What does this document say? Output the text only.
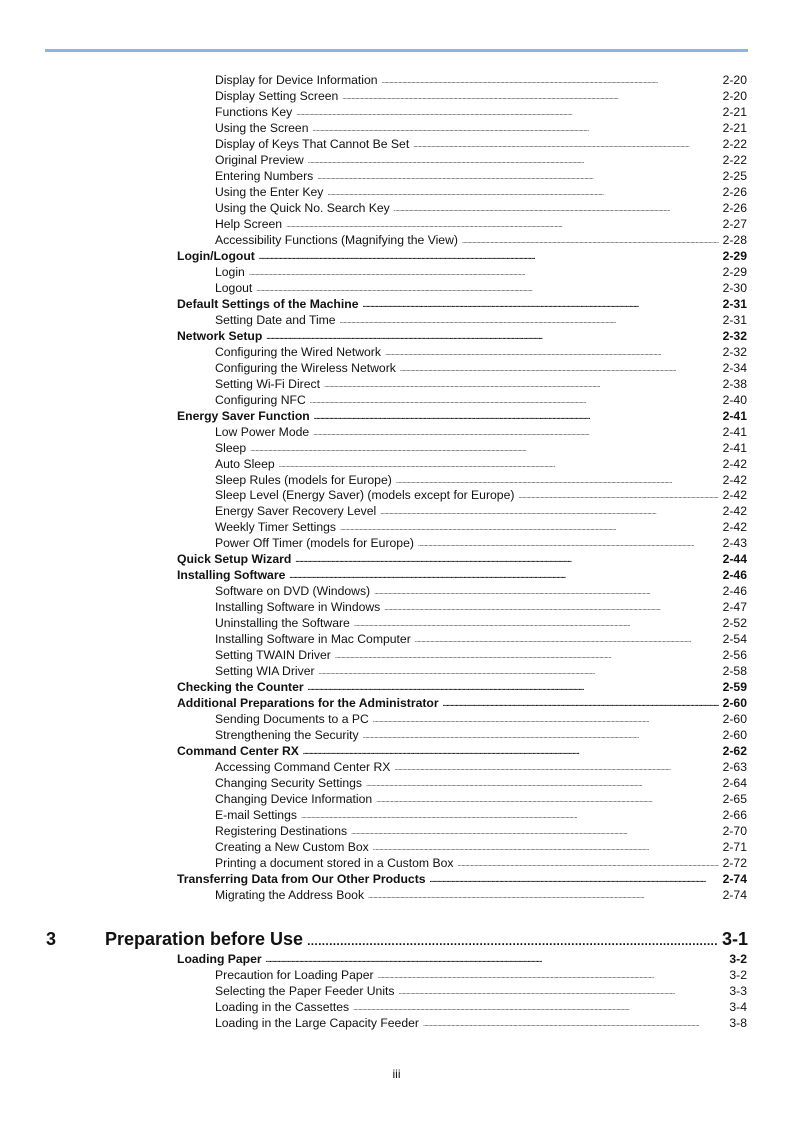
Display for Device Information . . .	2-20
Display Setting Screen . . .	2-20
Functions Key . . .	2-21
Using the Screen . . .	2-21
Display of Keys That Cannot Be Set . . .	2-22
Original Preview . . .	2-22
Entering Numbers . . .	2-25
Using the Enter Key . . .	2-26
Using the Quick No. Search Key . . .	2-26
Help Screen . . .	2-27
Accessibility Functions (Magnifying the View) . . .	2-28
Login/Logout . . .	2-29
Login . . .	2-29
Logout . . .	2-30
Default Settings of the Machine . . .	2-31
Setting Date and Time . . .	2-31
Network Setup . . .	2-32
Configuring the Wired Network . . .	2-32
Configuring the Wireless Network . . .	2-34
Setting Wi-Fi Direct . . .	2-38
Configuring NFC . . .	2-40
Energy Saver Function . . .	2-41
Low Power Mode . . .	2-41
Sleep . . .	2-41
Auto Sleep . . .	2-42
Sleep Rules (models for Europe) . . .	2-42
Sleep Level (Energy Saver) (models except for Europe) . . .	2-42
Energy Saver Recovery Level . . .	2-42
Weekly Timer Settings . . .	2-42
Power Off Timer (models for Europe) . . .	2-43
Quick Setup Wizard . . .	2-44
Installing Software . . .	2-46
Software on DVD (Windows) . . .	2-46
Installing Software in Windows . . .	2-47
Uninstalling the Software . . .	2-52
Installing Software in Mac Computer . . .	2-54
Setting TWAIN Driver . . .	2-56
Setting WIA Driver . . .	2-58
Checking the Counter . . .	2-59
Additional Preparations for the Administrator . . .	2-60
Sending Documents to a PC . . .	2-60
Strengthening the Security . . .	2-60
Command Center RX . . .	2-62
Accessing Command Center RX . . .	2-63
Changing Security Settings . . .	2-64
Changing Device Information . . .	2-65
E-mail Settings . . .	2-66
Registering Destinations . . .	2-70
Creating a New Custom Box . . .	2-71
Printing a document stored in a Custom Box . . .	2-72
Transferring Data from Our Other Products . . .	2-74
Migrating the Address Book . . .	2-74
3	Preparation before Use . . .	3-1
Loading Paper . . .	3-2
Precaution for Loading Paper . . .	3-2
Selecting the Paper Feeder Units . . .	3-3
Loading in the Cassettes . . .	3-4
Loading in the Large Capacity Feeder . . .	3-8
iii
